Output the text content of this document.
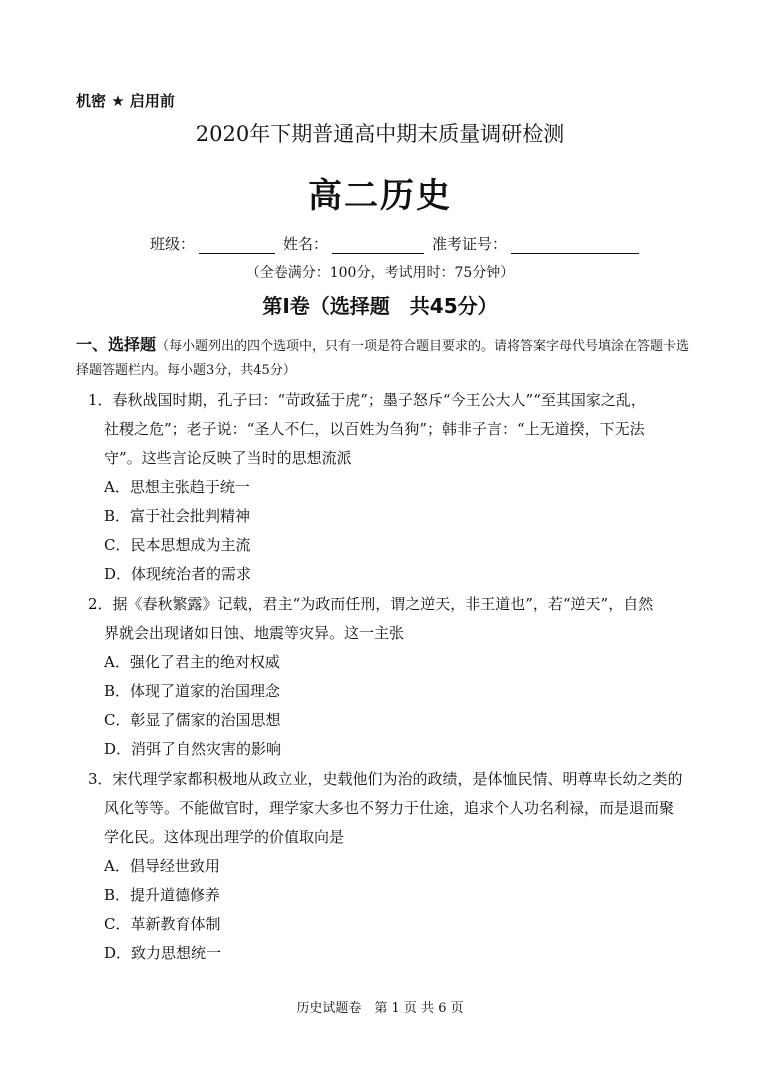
机密 ★ 启用前
2020年下期普通高中期末质量调研检测
高二历史
班级：	姓名：	准考证号：
（全卷满分：100分，考试用时：75分钟）
第Ⅰ卷（选择题　共45分）
一、选择题（每小题列出的四个选项中，只有一项是符合题目要求的。请将答案字母代号填涂在答题卡选择题答题栏内。每小题3分，共45分）
1．春秋战国时期，孔子曰：“苛政猛于虎”；墨子怒斥“今王公大人”“至其国家之乱，
社稷之危”；老子说：“圣人不仁，以百姓为刍狗”；韩非子言：“上无道揆，下无法
守”。这些言论反映了当时的思想流派
A．思想主张趋于统一
B．富于社会批判精神
C．民本思想成为主流
D．体现统治者的需求
2．据《春秋繁露》记载，君主“为政而任刑，谓之逆天，非王道也”，若“逆天”，自然
界就会出现诸如日蚀、地震等灾异。这一主张
A．强化了君主的绝对权威
B．体现了道家的治国理念
C．彰显了儒家的治国思想
D．消弭了自然灾害的影响
3．宋代理学家都积极地从政立业，史载他们为治的政绩，是体恤民情、明尊卑长幼之类的
风化等等。不能做官时，理学家大多也不努力于仕途，追求个人功名利禄，而是退而聚
学化民。这体现出理学的价值取向是
A．倡导经世致用
B．提升道德修养
C．革新教育体制
D．致力思想统一
历史试题卷　第 1 页 共 6 页
